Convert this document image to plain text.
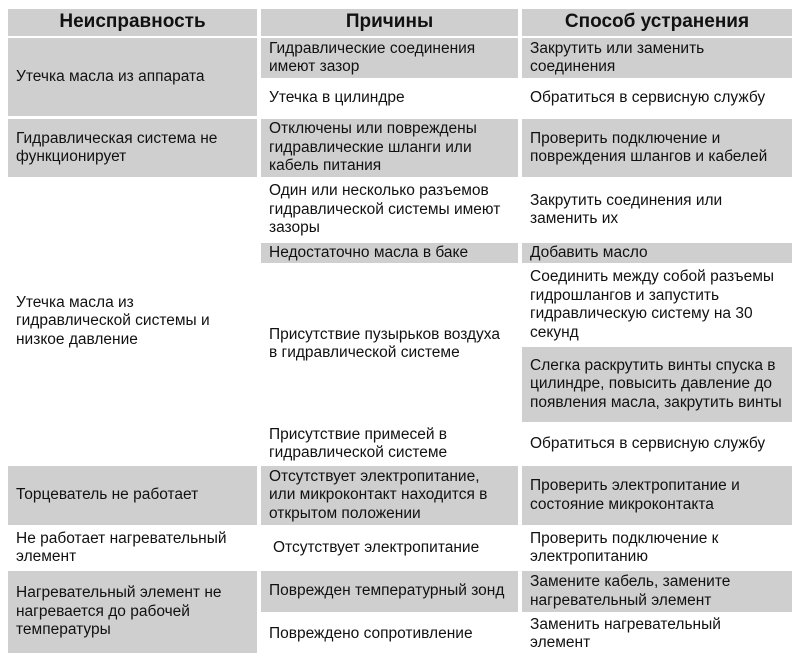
Неисправность	Причины	Способ устранения
Утечка масла из аппарата
Гидравлическая система не функционирует
Утечка масла из гидравлической системы и низкое давление
Торцеватель не работает
Не работает нагревательный элемент
Нагревательный элемент не нагревается до рабочей температуры
Гидравлические соединения имеют зазор
Утечка в цилиндре
Отключены или повреждены гидравлические шланги или кабель питания
Один или несколько разъемов гидравлической системы имеют зазоры
Недостаточно масла в баке
Присутствие пузырьков воздуха в гидравлической системе
Присутствие примесей в гидравлической системе
Отсутствует электропитание, или микроконтакт находится в открытом положении
Отсутствует электропитание
Поврежден температурный зонд
Повреждено сопротивление
Закрутить или заменить соединения
Обратиться в сервисную службу
Проверить подключение и повреждения шлангов и кабелей
Закрутить соединения или заменить их
Добавить масло
Соединить между собой разъемы гидрошлангов и запустить гидравлическую систему на 30 секунд
Слегка раскрутить винты спуска в цилиндре, повысить давление до появления масла, закрутить винты
Обратиться в сервисную службу
Проверить электропитание и состояние микроконтакта
Проверить подключение к электропитанию
Замените кабель, замените нагревательный элемент
Заменить нагревательный элемент
